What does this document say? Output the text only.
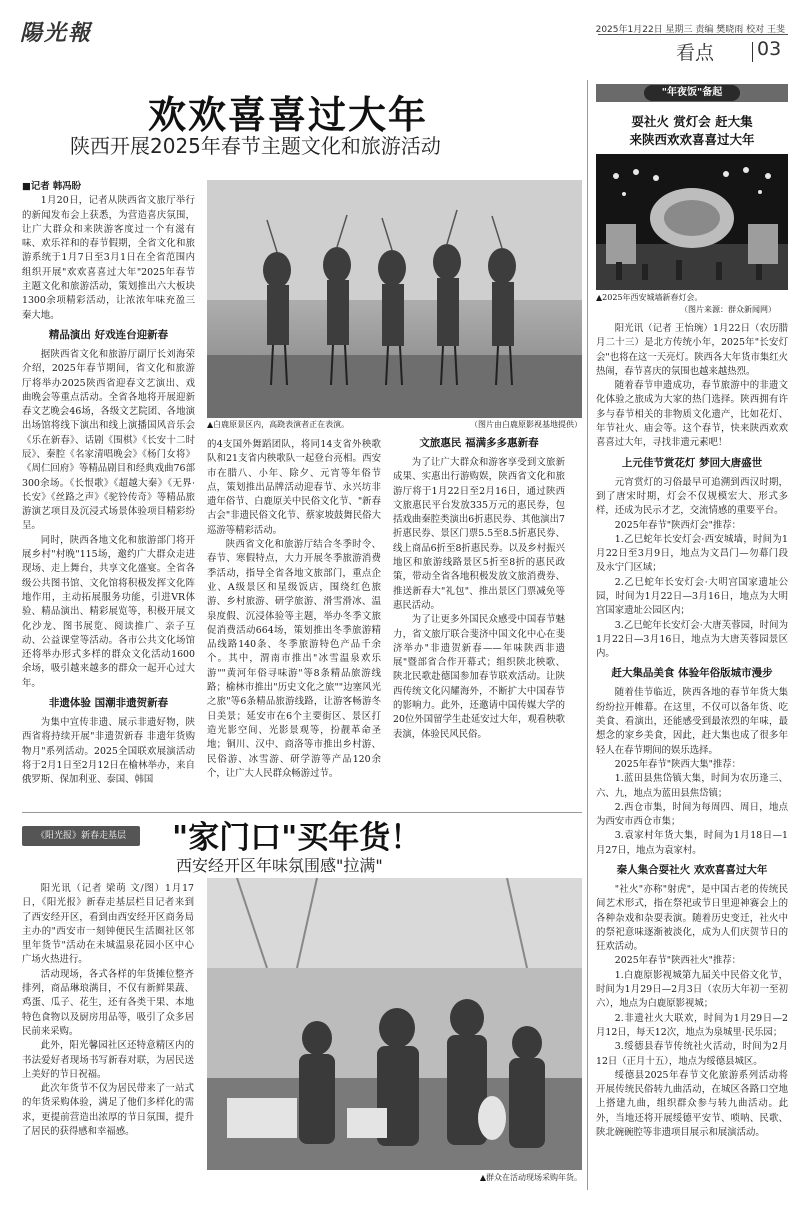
陽光報	2025年1月22日 星期三 责编 樊晓雨 校对 王斐
看点 03
欢欢喜喜过大年
陕西开展2025年春节主题文化和旅游活动
■记者 韩冯盼

1月20日，记者从陕西省文旅厅举行的新闻发布会上获悉，为营造喜庆氛围，让广大群众和来陕游客度过一个有滋有味、欢乐祥和的春节假期，全省文化和旅游系统于1月7日至3月1日在全省范围内组织开展"欢欢喜喜过大年"2025年春节主题文化和旅游活动，策划推出六大板块1300余项精彩活动，让浓浓年味充盈三秦大地。

精品演出 好戏连台迎新春

据陕西省文化和旅游厅副厅长刘海荣介绍，2025年春节期间，省文化和旅游厅将举办2025陕西省迎春文艺演出、戏曲晚会等重点活动。全省各地将开展迎新春文艺晚会46场，各级文艺院团、各地演出场馆将线下演出和线上演播国风音乐会《乐在新春》、话剧《围棋》《长安十二时辰》、秦腔《名家清唱晚会》《杨门女将》《周仁回府》等精品剧目和经典戏曲76部300余场。《长恨歌》《超越大秦》《无界·长安》《丝路之声》《驼铃传奇》等精品旅游演艺项目及沉浸式场景体验项目精彩纷呈。

同时，陕西各地文化和旅游部门将开展乡村"村晚"115场，邀约广大群众走进现场、走上舞台，共享文化盛宴。全省各级公共图书馆、文化馆将积极发挥文化阵地作用，主动拓展服务功能，引进VR体验、精品演出、精彩展览等，积极开展文化沙龙、图书展览、阅读推广、亲子互动、公益课堂等活动。各市公共文化场馆还将举办形式多样的群众文化活动1600余场，吸引越来越多的群众一起开心过大年。

非遗体验 国潮非遗贺新春

为集中宣传非遗、展示非遗好物，陕西省将持续开展"非遗贺新春 非遗年货购物月"系列活动。2025全国联欢展演活动将于2月1日至2月12日在榆林举办，来自俄罗斯、保加利亚、泰国、韩国

▲白鹿原景区内，高跷表演者正在表演。	（图片由白鹿原影视基地提供）

的4支国外舞蹈团队，将同14支省外秧歌队和21支省内秧歌队一起登台亮相。西安市在腊八、小年、除夕、元宵等年俗节点，策划推出品牌活动迎春节、永兴坊非遗年俗节、白鹿原关中民俗文化节、"新春古会"非遗民俗文化节、蔡家坡鼓舞民俗大巡游等精彩活动。

陕西省文化和旅游厅结合冬季时令、春节、寒假特点，大力开展冬季旅游消费季活动，指导全省各地文旅部门，重点企业、A级景区和星级饭店，围绕红色旅游、乡村旅游、研学旅游、滑雪滑冰、温泉度假、沉浸体验等主题，举办冬季文旅促消费活动664场，策划推出冬季旅游精品线路140条、冬季旅游特色产品千余个。其中，渭南市推出"冰雪温泉欢乐游""黄河年俗寻味游"等8条精品旅游线路；榆林市推出"历史文化之旅""边塞风光之旅"等6条精品旅游线路，让游客畅游冬日美景；延安市在6个主要街区、景区打造光影空间、光影景观等，扮靓革命圣地；铜川、汉中、商洛等市推出乡村游、民俗游、冰雪游、研学游等产品120余个，让广大人民群众畅游过节。

文旅惠民 福满多多惠新春

为了让广大群众和游客享受到文旅新成果、实惠出行游购娱，陕西省文化和旅游厅将于1月22日至2月16日，通过陕西文旅惠民平台发放335万元的惠民券，包括戏曲秦腔类演出6折惠民券、其他演出7折惠民券、景区门票5.5至8.5折惠民券、线上商品6折至8折惠民券。以及乡村振兴地区和旅游线路景区5折至8折的惠民政策，带动全省各地积极发放文旅消费券、推送新春大"礼包"、推出景区门票减免等惠民活动。

为了让更多外国民众感受中国春节魅力，省文旅厅联合斐济中国文化中心在斐济举办"非遗贺新春——年味陕西非遗展"暨部省合作开幕式；组织陕北秧歌、陕北民歌赴德国参加春节联欢活动。让陕西传统文化闪耀海外，不断扩大中国春节的影响力。此外，还邀请中国传媒大学的20位外国留学生赴延安过大年，观看秧歌表演，体验民风民俗。

"年夜饭"备起
耍社火 赏灯会 赶大集
来陕西欢欢喜喜过大年
▲2025年西安城墙新春灯会。
（图片来源：群众新闻网）

阳光讯（记者 王怡琬）1月22日（农历腊月二十三）是北方传统小年，2025年"长安灯会"也将在这一天亮灯。陕西各大年货市集红火热闹，春节喜庆的氛围也越来越热烈。

随着春节申遗成功，春节旅游中的非遗文化体验之旅成为大家的热门选择。陕西拥有许多与春节相关的非物质文化遗产，比如花灯、年节社火、庙会等。这个春节，快来陕西欢欢喜喜过大年，寻找非遗元素吧！

上元佳节赏花灯 梦回大唐盛世

元宵赏灯的习俗最早可追溯到西汉时期，到了唐宋时期，灯会不仅规模宏大、形式多样，还成为民示才艺，交流情感的重要平台。

2025年春节"陕西灯会"推荐：

1.乙巳蛇年长安灯会·西安城墙，时间为1月22日至3月9日，地点为文昌门—勿幕门段及永宁门区域；

2.乙巳蛇年长安灯会·大明宫国家遗址公园，时间为1月22日—3月16日，地点为大明宫国家遗址公园区内；

3.乙巳蛇年长安灯会·大唐芙蓉园，时间为1月22日—3月16日，地点为大唐芙蓉园景区内。

赶大集品美食 体验年俗版城市漫步

随着佳节临近，陕西各地的春节年货大集纷纷拉开帷幕。在这里，不仅可以备年货、吃美食、看演出，还能感受到最浓烈的年味，最想念的家乡美食，因此，赶大集也成了很多年轻人在春节期间的娱乐选择。

2025年春节"陕西大集"推荐：

1.蓝田县焦岱镇大集，时间为农历逢三、六、九，地点为蓝田县焦岱镇；

2.西仓市集，时间为每周四、周日，地点为西安市西仓市集；

3.袁家村年货大集，时间为1月18日—1月27日，地点为袁家村。

秦人集合耍社火 欢欢喜喜过大年

"社火"亦称"射虎"，是中国古老的传统民间艺术形式，指在祭祀或节日里迎神赛会上的各种杂戏和杂耍表演。随着历史变迁，社火中的祭祀意味逐渐被淡化，成为人们庆贺节日的狂欢活动。

2025年春节"陕西社火"推荐：

1.白鹿原影视城第九届关中民俗文化节，时间为1月29日—2月3日（农历大年初一至初六），地点为白鹿原影视城；

2.非遗社火大联欢，时间为1月29日—2月12日，每天12次，地点为泉城里·民乐园；

3.绥德县春节传统社火活动，时间为2月12日（正月十五），地点为绥德县城区。

绥德县2025年春节文化旅游系列活动将开展传统民俗转九曲活动，在城区各路口空地上搭建九曲，组织群众参与转九曲活动。此外，当地还将开展绥德平安节、唢呐、民歌、陕北碗碗腔等非遗项目展示和展演活动。

《阳光报》新春走基层	"家门口"买年货！
西安经开区年味氛围感"拉满"

阳光讯（记者 梁萌 文/图）1月17日，《阳光报》新春走基层栏目记者来到了西安经开区，看到由西安经开区商务局主办的"西安市一刻钟便民生活圈社区邻里年货节"活动在未城温泉花园小区中心广场火热进行。

活动现场，各式各样的年货摊位整齐排列，商品琳琅满目，不仅有新鲜果蔬、鸡蛋、瓜子、花生，还有各类干果、本地特色食物以及厨房用品等，吸引了众多居民前来采购。

此外，阳光馨园社区还特意精区内的书法爱好者现场书写新春对联，为居民送上美好的节日祝福。

此次年货节不仅为居民带来了一站式的年货采购体验，满足了他们多样化的需求，更提前营造出浓厚的节日氛围，提升了居民的获得感和幸福感。

▲群众在活动现场采购年货。
